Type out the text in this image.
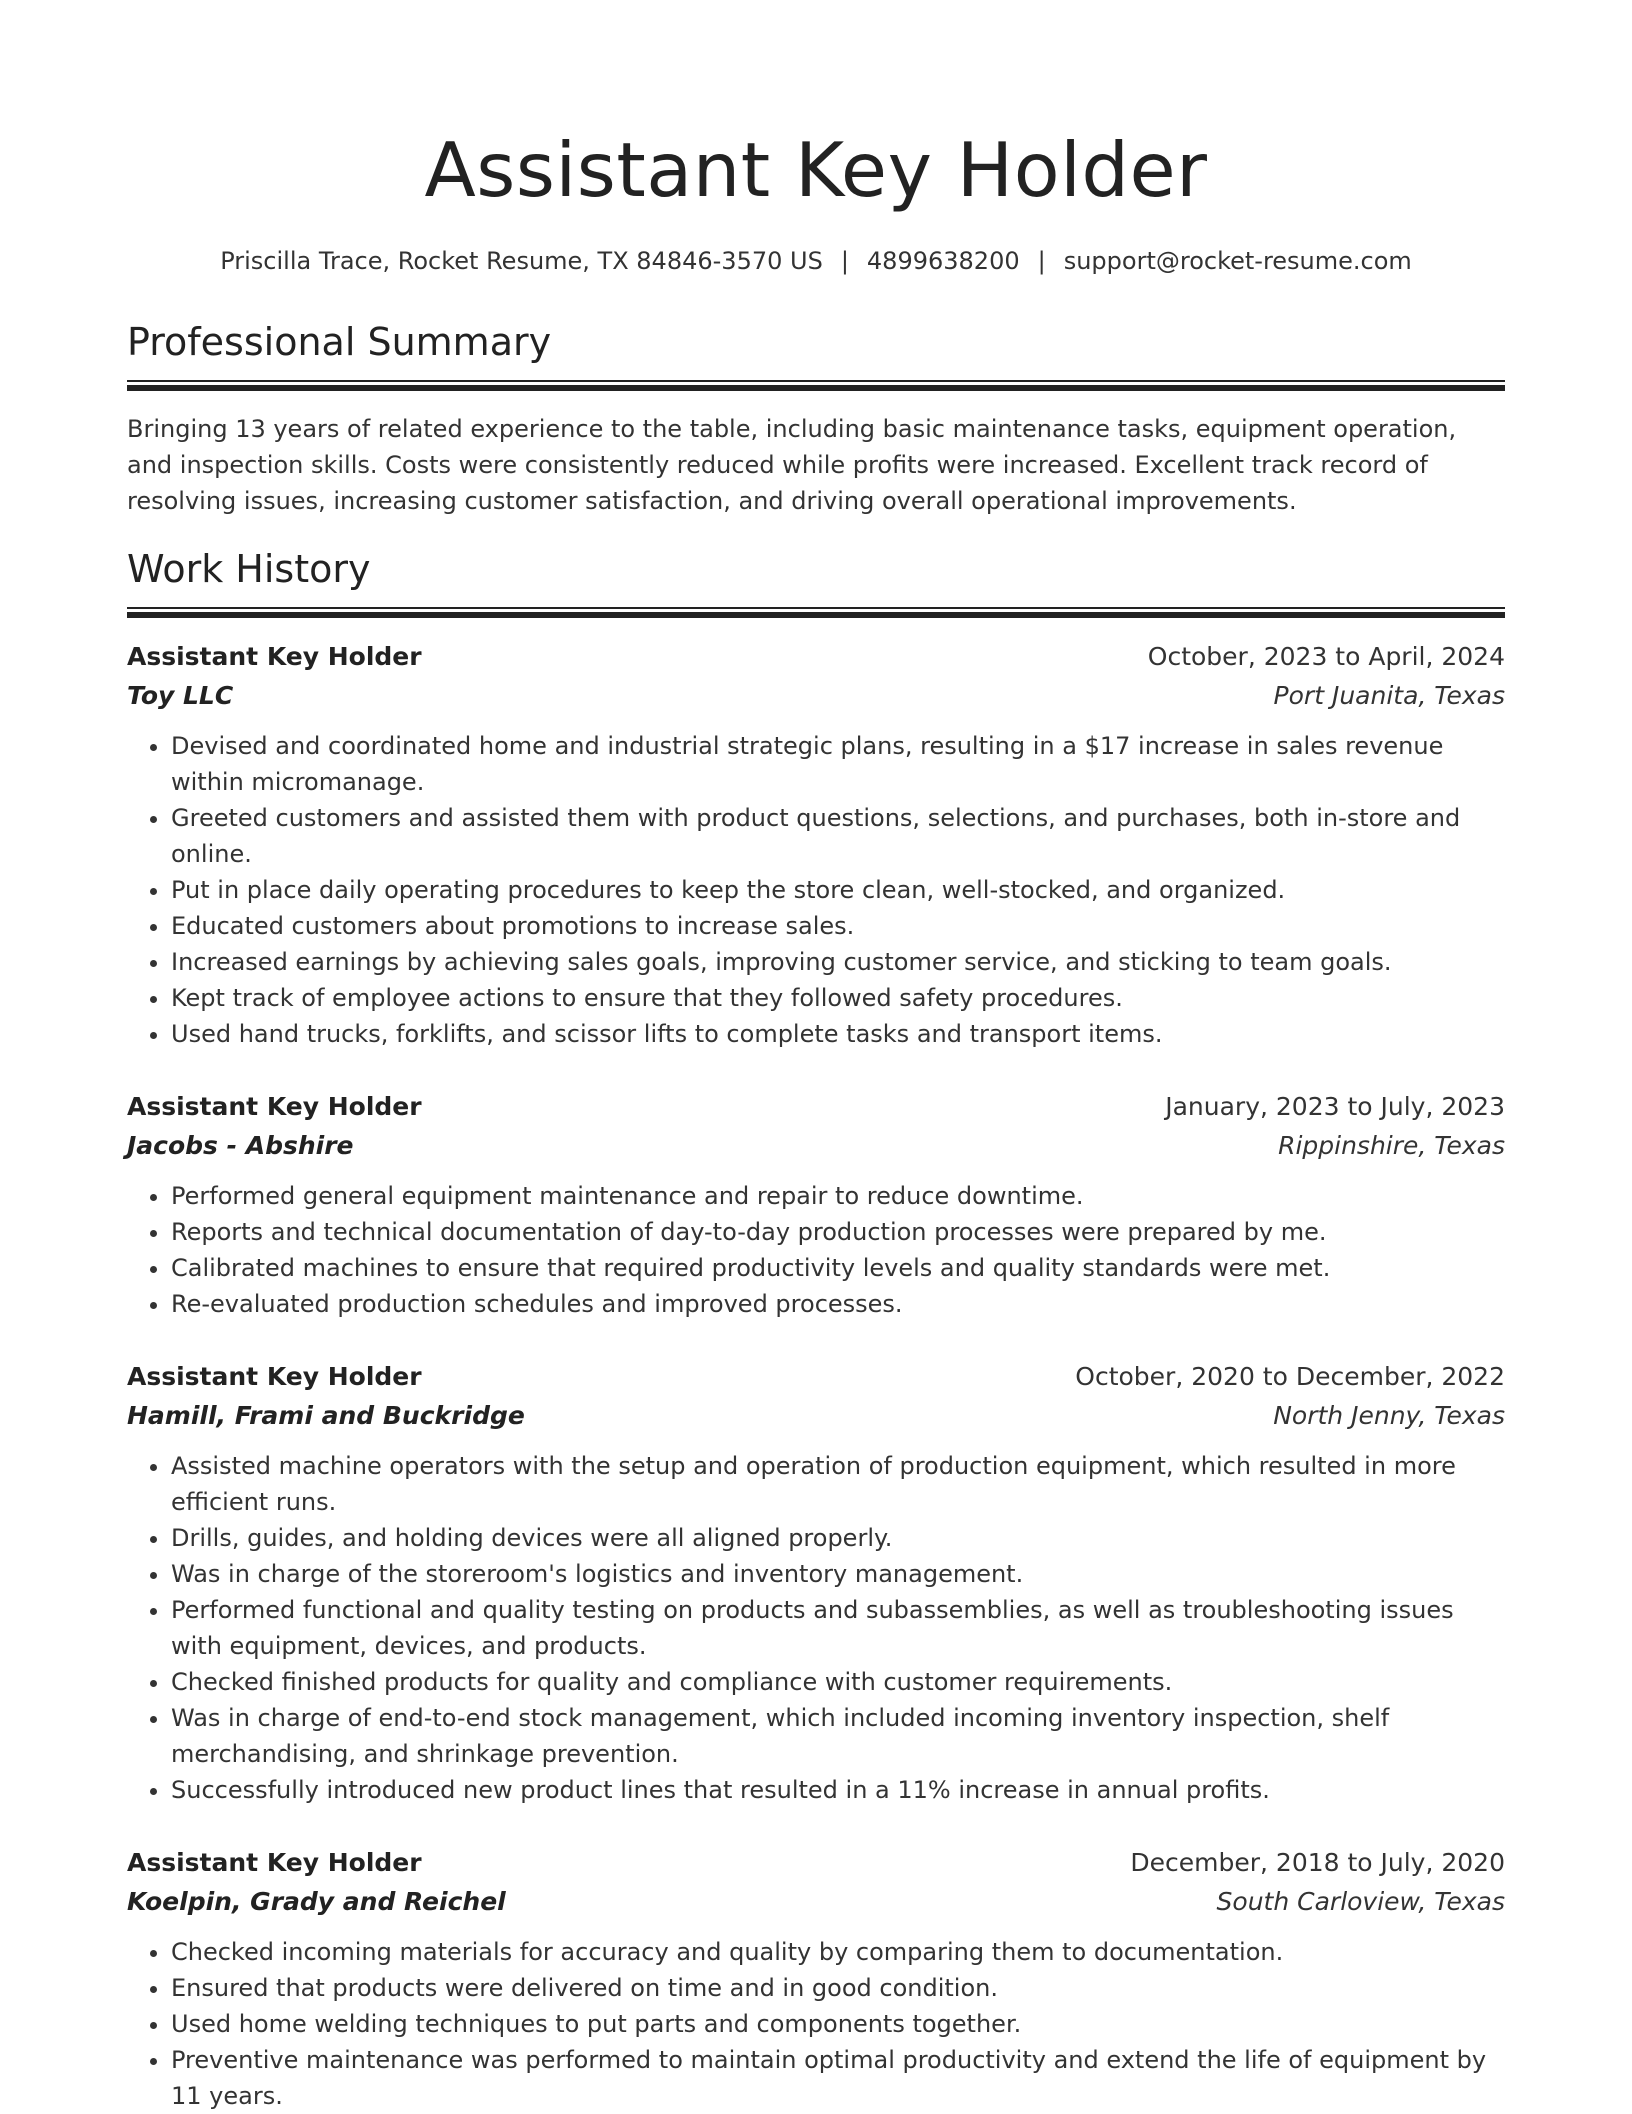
Assistant Key Holder
Priscilla Trace, Rocket Resume, TX 84846-3570 US | 4899638200 | support@rocket-resume.com
Professional Summary

Bringing 13 years of related experience to the table, including basic maintenance tasks, equipment operation, and inspection skills. Costs were consistently reduced while profits were increased. Excellent track record of resolving issues, increasing customer satisfaction, and driving overall operational improvements.

Work History
Assistant Key Holder	October, 2023 to April, 2024
Toy LLC	Port Juanita, Texas
• Devised and coordinated home and industrial strategic plans, resulting in a $17 increase in sales revenue within micromanage.
• Greeted customers and assisted them with product questions, selections, and purchases, both in-store and online.
• Put in place daily operating procedures to keep the store clean, well-stocked, and organized.
• Educated customers about promotions to increase sales.
• Increased earnings by achieving sales goals, improving customer service, and sticking to team goals.
• Kept track of employee actions to ensure that they followed safety procedures.
• Used hand trucks, forklifts, and scissor lifts to complete tasks and transport items.
Assistant Key Holder	January, 2023 to July, 2023
Jacobs - Abshire	Rippinshire, Texas
• Performed general equipment maintenance and repair to reduce downtime.
• Reports and technical documentation of day-to-day production processes were prepared by me.
• Calibrated machines to ensure that required productivity levels and quality standards were met.
• Re-evaluated production schedules and improved processes.
Assistant Key Holder	October, 2020 to December, 2022
Hamill, Frami and Buckridge	North Jenny, Texas
• Assisted machine operators with the setup and operation of production equipment, which resulted in more efficient runs.
• Drills, guides, and holding devices were all aligned properly.
• Was in charge of the storeroom's logistics and inventory management.
• Performed functional and quality testing on products and subassemblies, as well as troubleshooting issues with equipment, devices, and products.
• Checked finished products for quality and compliance with customer requirements.
• Was in charge of end-to-end stock management, which included incoming inventory inspection, shelf merchandising, and shrinkage prevention.
• Successfully introduced new product lines that resulted in a 11% increase in annual profits.
Assistant Key Holder	December, 2018 to July, 2020
Koelpin, Grady and Reichel	South Carloview, Texas
• Checked incoming materials for accuracy and quality by comparing them to documentation.
• Ensured that products were delivered on time and in good condition.
• Used home welding techniques to put parts and components together.
• Preventive maintenance was performed to maintain optimal productivity and extend the life of equipment by 11 years.
